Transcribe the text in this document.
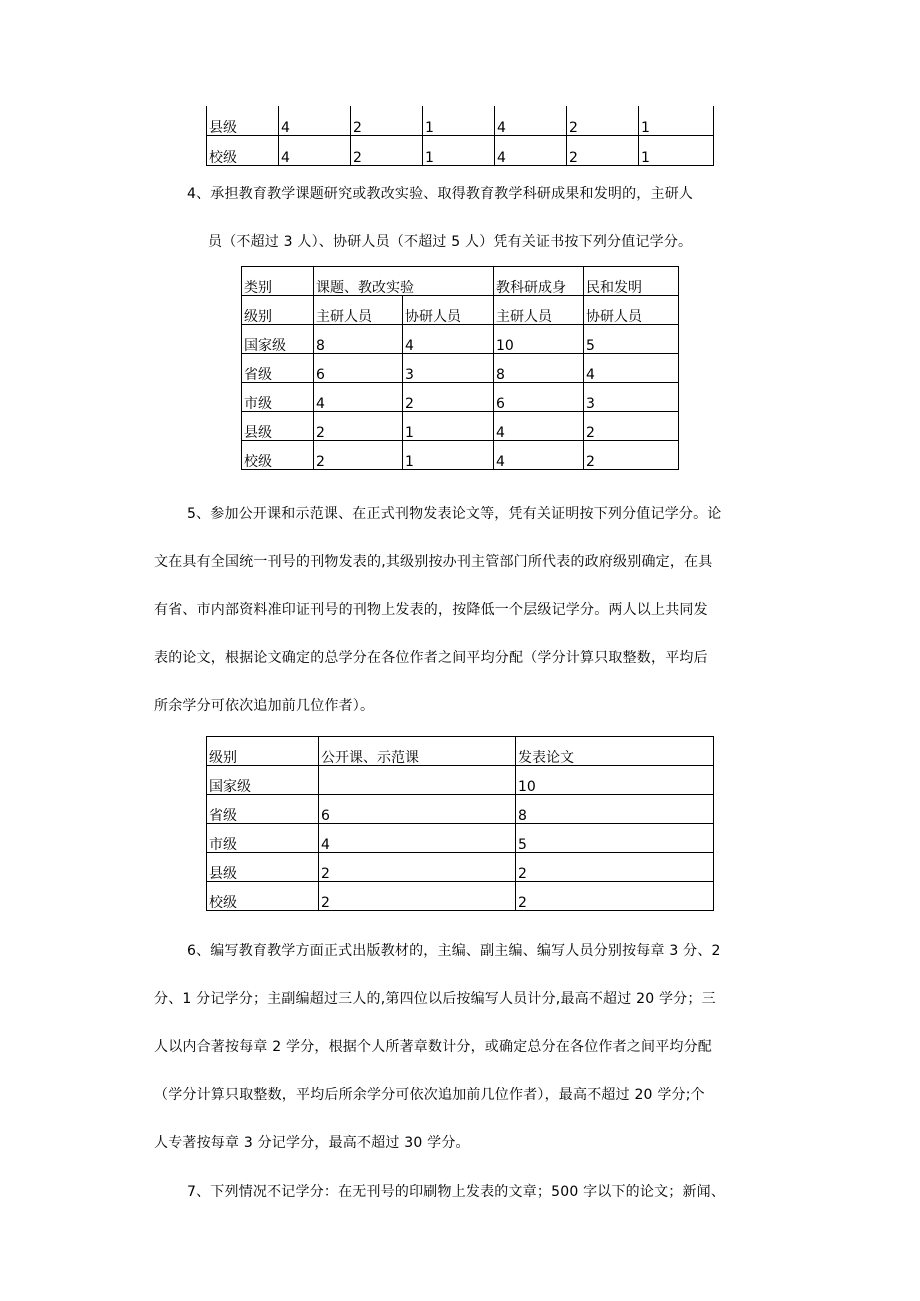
县级	4	2	1	4	2	1
校级	4	2	1	4	2	1
4、承担教育教学课题研究或教改实验、取得教育教学科研成果和发明的，主研人
员（不超过 3 人）、协研人员（不超过 5 人）凭有关证书按下列分值记学分。
类别	课题、教改实验		教科研成身	民和发明
级别	主研人员	协研人员	主研人员	协研人员
国家级	8	4	10	5
省级	6	3	8	4
市级	4	2	6	3
县级	2	1	4	2
校级	2	1	4	2
5、参加公开课和示范课、在正式刊物发表论文等，凭有关证明按下列分值记学分。论
文在具有全国统一刊号的刊物发表的,其级别按办刊主管部门所代表的政府级别确定，在具
有省、市内部资料准印证刊号的刊物上发表的，按降低一个层级记学分。两人以上共同发
表的论文，根据论文确定的总学分在各位作者之间平均分配（学分计算只取整数，平均后
所余学分可依次追加前几位作者）。
级别	公开课、示范课	发表论文
国家级		10
省级	6	8
市级	4	5
县级	2	2
校级	2	2
6、编写教育教学方面正式出版教材的，主编、副主编、编写人员分别按每章 3 分、2
分、1 分记学分；主副编超过三人的,第四位以后按编写人员计分,最高不超过 20 学分；三
人以内合著按每章 2 学分，根据个人所著章数计分，或确定总分在各位作者之间平均分配
（学分计算只取整数，平均后所余学分可依次追加前几位作者），最高不超过 20 学分;个
人专著按每章 3 分记学分，最高不超过 30 学分。
7、下列情况不记学分：在无刊号的印刷物上发表的文章；500 字以下的论文；新闻、
